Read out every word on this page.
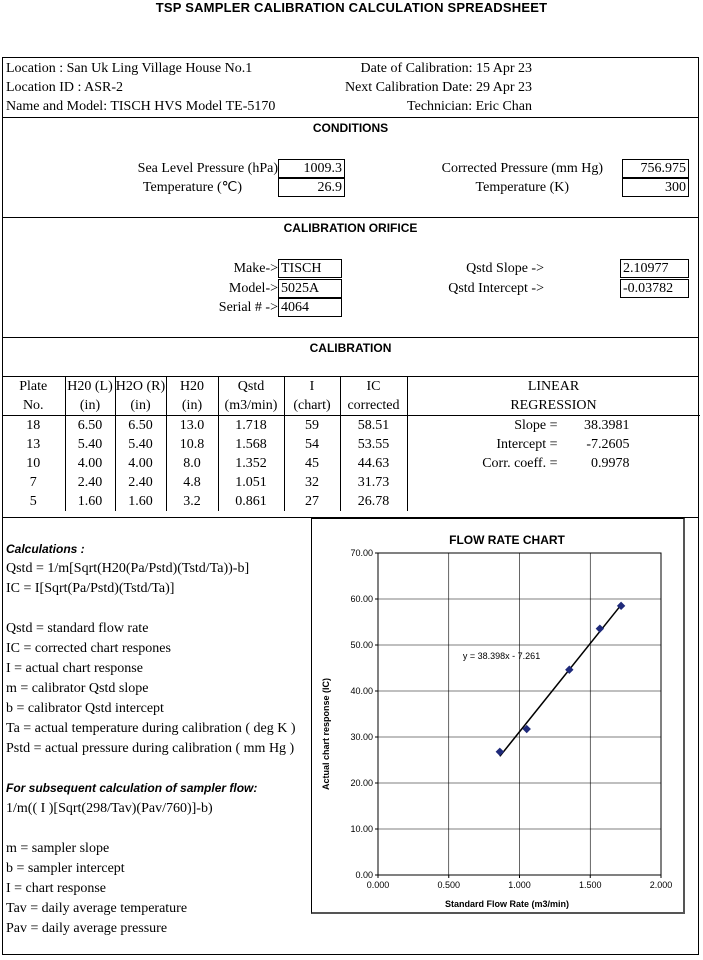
TSP SAMPLER CALIBRATION CALCULATION SPREADSHEET
Location : San Uk Ling Village House No.1
Location ID : ASR-2
Name and Model: TISCH HVS Model TE-5170
Date of Calibration: 15 Apr 23
Next Calibration Date: 29 Apr 23
Technician: Eric Chan
CONDITIONS
Sea Level Pressure (hPa)	1009.3
Temperature (℃)	26.9
Corrected Pressure (mm Hg)	756.975
Temperature (K)	300
CALIBRATION ORIFICE
Make-> TISCH
Model-> 5025A
Serial # -> 4064
Qstd Slope ->	2.10977
Qstd Intercept ->	-0.03782
CALIBRATION
Plate	H20 (L)	H2O (R)	H20	Qstd	I	IC	LINEAR
No.	(in)	(in)	(in)	(m3/min)	(chart)	corrected	REGRESSION
18	6.50	6.50	13.0	1.718	59	58.51	Slope = 38.3981
13	5.40	5.40	10.8	1.568	54	53.55	Intercept = -7.2605
10	4.00	4.00	8.0	1.352	45	44.63	Corr. coeff. = 0.9978
7	2.40	2.40	4.8	1.051	32	31.73	
5	1.60	1.60	3.2	0.861	27	26.78	
Calculations :
Qstd = 1/m[Sqrt(H20(Pa/Pstd)(Tstd/Ta))-b]
IC = I[Sqrt(Pa/Pstd)(Tstd/Ta)]
Qstd = standard flow rate
IC = corrected chart respones
I = actual chart response
m = calibrator Qstd slope
b = calibrator Qstd intercept
Ta = actual temperature during calibration ( deg K )
Pstd = actual pressure during calibration ( mm Hg )
For subsequent calculation of sampler flow:
1/m(( I )[Sqrt(298/Tav)(Pav/760)]-b)
m = sampler slope
b = sampler intercept
I = chart response
Tav = daily average temperature
Pav = daily average pressure
FLOW RATE CHART
Standard Flow Rate (m3/min)
Actual chart response (IC)
0.00
10.00
20.00
30.00
40.00
50.00
60.00
70.00
0.000	0.500	1.000	1.500	2.000
y = 38.398x - 7.261
